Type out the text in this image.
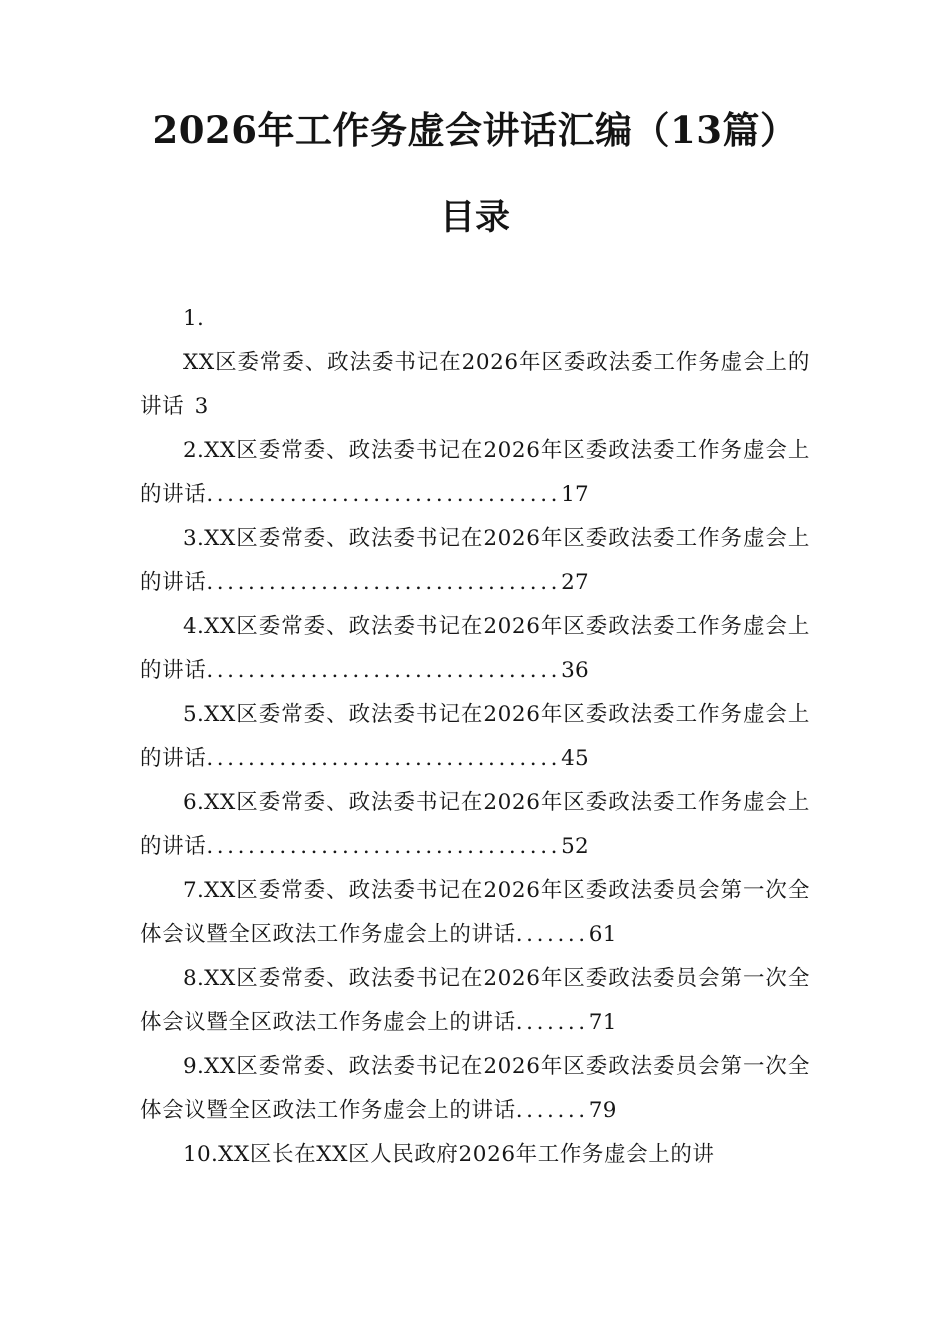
2026年工作务虚会讲话汇编（13篇）
目录
1.
XX区委常委、政法委书记在2026年区委政法委工作务虚会上的讲话 3
2.XX区委常委、政法委书记在2026年区委政法委工作务虚会上的讲话..................................17
3.XX区委常委、政法委书记在2026年区委政法委工作务虚会上的讲话..................................27
4.XX区委常委、政法委书记在2026年区委政法委工作务虚会上的讲话..................................36
5.XX区委常委、政法委书记在2026年区委政法委工作务虚会上的讲话..................................45
6.XX区委常委、政法委书记在2026年区委政法委工作务虚会上的讲话..................................52
7.XX区委常委、政法委书记在2026年区委政法委员会第一次全体会议暨全区政法工作务虚会上的讲话.......61
8.XX区委常委、政法委书记在2026年区委政法委员会第一次全体会议暨全区政法工作务虚会上的讲话.......71
9.XX区委常委、政法委书记在2026年区委政法委员会第一次全体会议暨全区政法工作务虚会上的讲话.......79
10.XX区长在XX区人民政府2026年工作务虚会上的讲
